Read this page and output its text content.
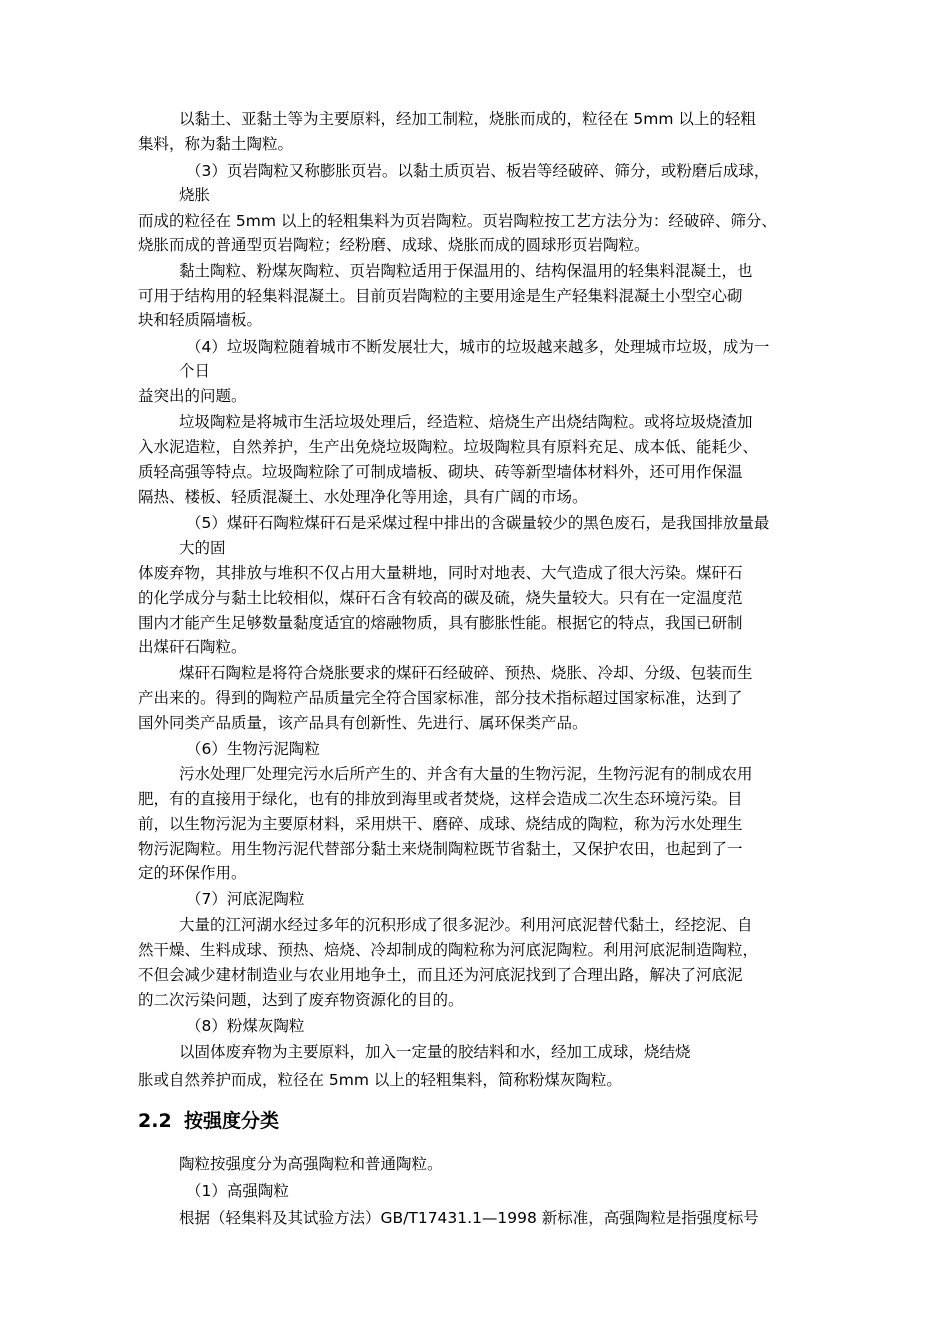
以黏土、亚黏土等为主要原料，经加工制粒，烧胀而成的，粒径在 5mm 以上的轻粗

集料，称为黏土陶粒。

（3）页岩陶粒又称膨胀页岩。以黏土质页岩、板岩等经破碎、筛分，或粉磨后成球，

烧胀

而成的粒径在 5mm 以上的轻粗集料为页岩陶粒。页岩陶粒按工艺方法分为：经破碎、筛分、

烧胀而成的普通型页岩陶粒；经粉磨、成球、烧胀而成的圆球形页岩陶粒。

黏土陶粒、粉煤灰陶粒、页岩陶粒适用于保温用的、结构保温用的轻集料混凝土，也

可用于结构用的轻集料混凝土。目前页岩陶粒的主要用途是生产轻集料混凝土小型空心砌

块和轻质隔墙板。

（4）垃圾陶粒随着城市不断发展壮大，城市的垃圾越来越多，处理城市垃圾，成为一

个日

益突出的问题。

垃圾陶粒是将城市生活垃圾处理后，经造粒、焙烧生产出烧结陶粒。或将垃圾烧渣加

入水泥造粒，自然养护，生产出免烧垃圾陶粒。垃圾陶粒具有原料充足、成本低、能耗少、

质轻高强等特点。垃圾陶粒除了可制成墙板、砌块、砖等新型墙体材料外，还可用作保温

隔热、楼板、轻质混凝土、水处理净化等用途，具有广阔的市场。

（5）煤矸石陶粒煤矸石是采煤过程中排出的含碳量较少的黑色废石，是我国排放量最

大的固

体废弃物，其排放与堆积不仅占用大量耕地，同时对地表、大气造成了很大污染。煤矸石

的化学成分与黏土比较相似，煤矸石含有较高的碳及硫，烧失量较大。只有在一定温度范

围内才能产生足够数量黏度适宜的熔融物质，具有膨胀性能。根据它的特点，我国已研制

出煤矸石陶粒。

煤矸石陶粒是将符合烧胀要求的煤矸石经破碎、预热、烧胀、冷却、分级、包装而生

产出来的。得到的陶粒产品质量完全符合国家标准，部分技术指标超过国家标准，达到了

国外同类产品质量，该产品具有创新性、先进行、属环保类产品。

（6）生物污泥陶粒

污水处理厂处理完污水后所产生的、并含有大量的生物污泥，生物污泥有的制成农用

肥，有的直接用于绿化，也有的排放到海里或者焚烧，这样会造成二次生态环境污染。目

前，以生物污泥为主要原材料，采用烘干、磨碎、成球、烧结成的陶粒，称为污水处理生

物污泥陶粒。用生物污泥代替部分黏土来烧制陶粒既节省黏土，又保护农田，也起到了一

定的环保作用。

（7）河底泥陶粒

大量的江河湖水经过多年的沉积形成了很多泥沙。利用河底泥替代黏土，经挖泥、自

然干燥、生料成球、预热、焙烧、冷却制成的陶粒称为河底泥陶粒。利用河底泥制造陶粒，

不但会减少建材制造业与农业用地争土，而且还为河底泥找到了合理出路，解决了河底泥

的二次污染问题，达到了废弃物资源化的目的。

（8）粉煤灰陶粒

以固体废弃物为主要原料，加入一定量的胶结料和水，经加工成球，烧结烧

胀或自然养护而成，粒径在 5mm 以上的轻粗集料，简称粉煤灰陶粒。

2.2 按强度分类

陶粒按强度分为高强陶粒和普通陶粒。

（1）高强陶粒

根据（轻集料及其试验方法）GB/T17431.1—1998 新标准，高强陶粒是指强度标号
